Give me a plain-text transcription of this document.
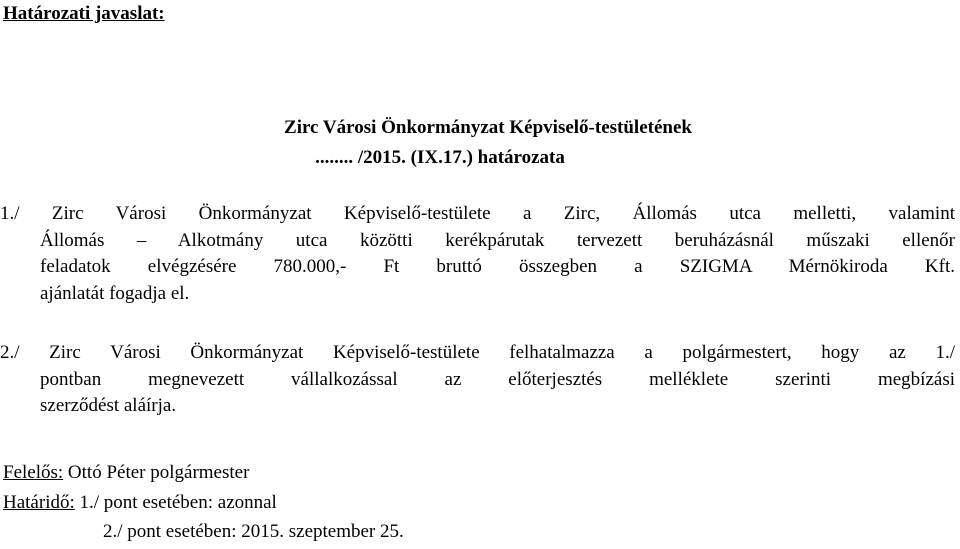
Határozati javaslat:
Zirc Városi Önkormányzat Képviselő-testületének
........ /2015. (IX.17.) határozata
1./ Zirc Városi Önkormányzat Képviselő-testülete a Zirc, Állomás utca melletti, valamint
Állomás – Alkotmány utca közötti kerékpárutak tervezett beruházásnál műszaki ellenőr
feladatok elvégzésére 780.000,- Ft bruttó összegben a SZIGMA Mérnökiroda Kft.
ajánlatát fogadja el.
2./ Zirc Városi Önkormányzat Képviselő-testülete felhatalmazza a polgármestert, hogy az 1./
pontban megnevezett vállalkozással az előterjesztés melléklete szerinti megbízási
szerződést aláírja.
Felelős: Ottó Péter polgármester
Határidő: 1./ pont esetében: azonnal
2./ pont esetében: 2015. szeptember 25.
